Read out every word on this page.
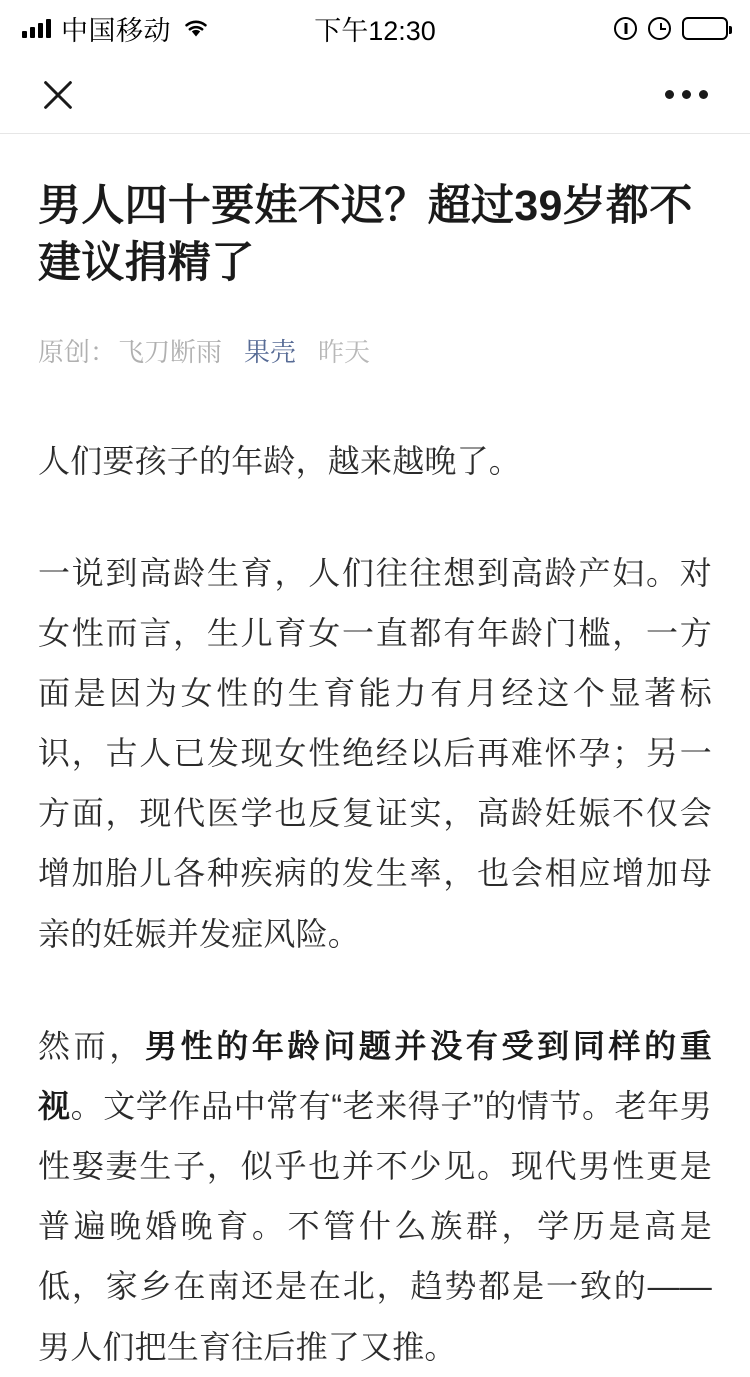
中国移动	下午12:30
男人四十要娃不迟？超过39岁都不建议捐精了
原创： 飞刀断雨 果壳 昨天

人们要孩子的年龄，越来越晚了。

一说到高龄生育，人们往往想到高龄产妇。对女性而言，生儿育女一直都有年龄门槛，一方面是因为女性的生育能力有月经这个显著标识，古人已发现女性绝经以后再难怀孕；另一方面，现代医学也反复证实，高龄妊娠不仅会增加胎儿各种疾病的发生率，也会相应增加母亲的妊娠并发症风险。

然而，男性的年龄问题并没有受到同样的重视。文学作品中常有“老来得子”的情节。老年男性娶妻生子，似乎也并不少见。现代男性更是普遍晚婚晚育。不管什么族群，学历是高是低，家乡在南还是在北，趋势都是一致的——男人们把生育往后推了又推。
